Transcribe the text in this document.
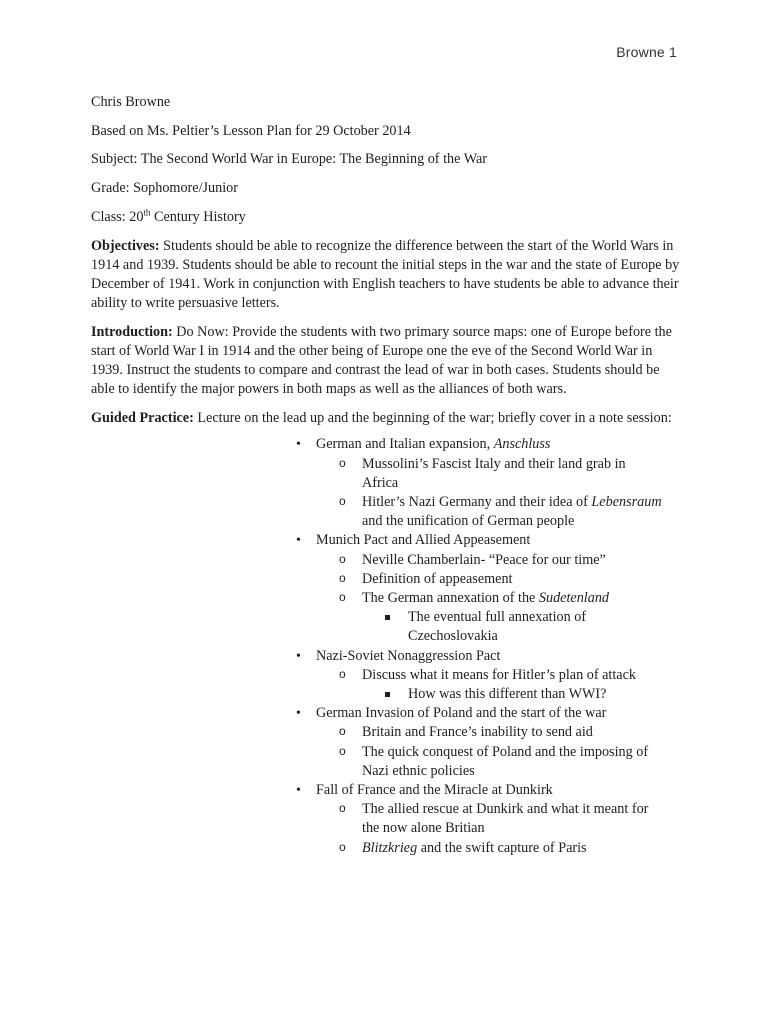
Browne 1

Chris Browne

Based on Ms. Peltier’s Lesson Plan for 29 October 2014

Subject: The Second World War in Europe: The Beginning of the War

Grade: Sophomore/Junior

Class: 20th Century History

Objectives: Students should be able to recognize the difference between the start of the World Wars in 1914 and 1939. Students should be able to recount the initial steps in the war and the state of Europe by December of 1941. Work in conjunction with English teachers to have students be able to advance their ability to write persuasive letters.

Introduction: Do Now: Provide the students with two primary source maps: one of Europe before the start of World War I in 1914 and the other being of Europe one the eve of the Second World War in 1939. Instruct the students to compare and contrast the lead of war in both cases. Students should be able to identify the major powers in both maps as well as the alliances of both wars.

Guided Practice: Lecture on the lead up and the beginning of the war; briefly cover in a note session:

• German and Italian expansion, Anschluss
o Mussolini’s Fascist Italy and their land grab in Africa
o Hitler’s Nazi Germany and their idea of Lebensraum and the unification of German people
• Munich Pact and Allied Appeasement
o Neville Chamberlain- “Peace for our time”
o Definition of appeasement
o The German annexation of the Sudetenland
The eventual full annexation of Czechoslovakia
• Nazi-Soviet Nonaggression Pact
o Discuss what it means for Hitler’s plan of attack
How was this different than WWI?
• German Invasion of Poland and the start of the war
o Britain and France’s inability to send aid
o The quick conquest of Poland and the imposing of Nazi ethnic policies
• Fall of France and the Miracle at Dunkirk
o The allied rescue at Dunkirk and what it meant for the now alone Britian
o Blitzkrieg and the swift capture of Paris
